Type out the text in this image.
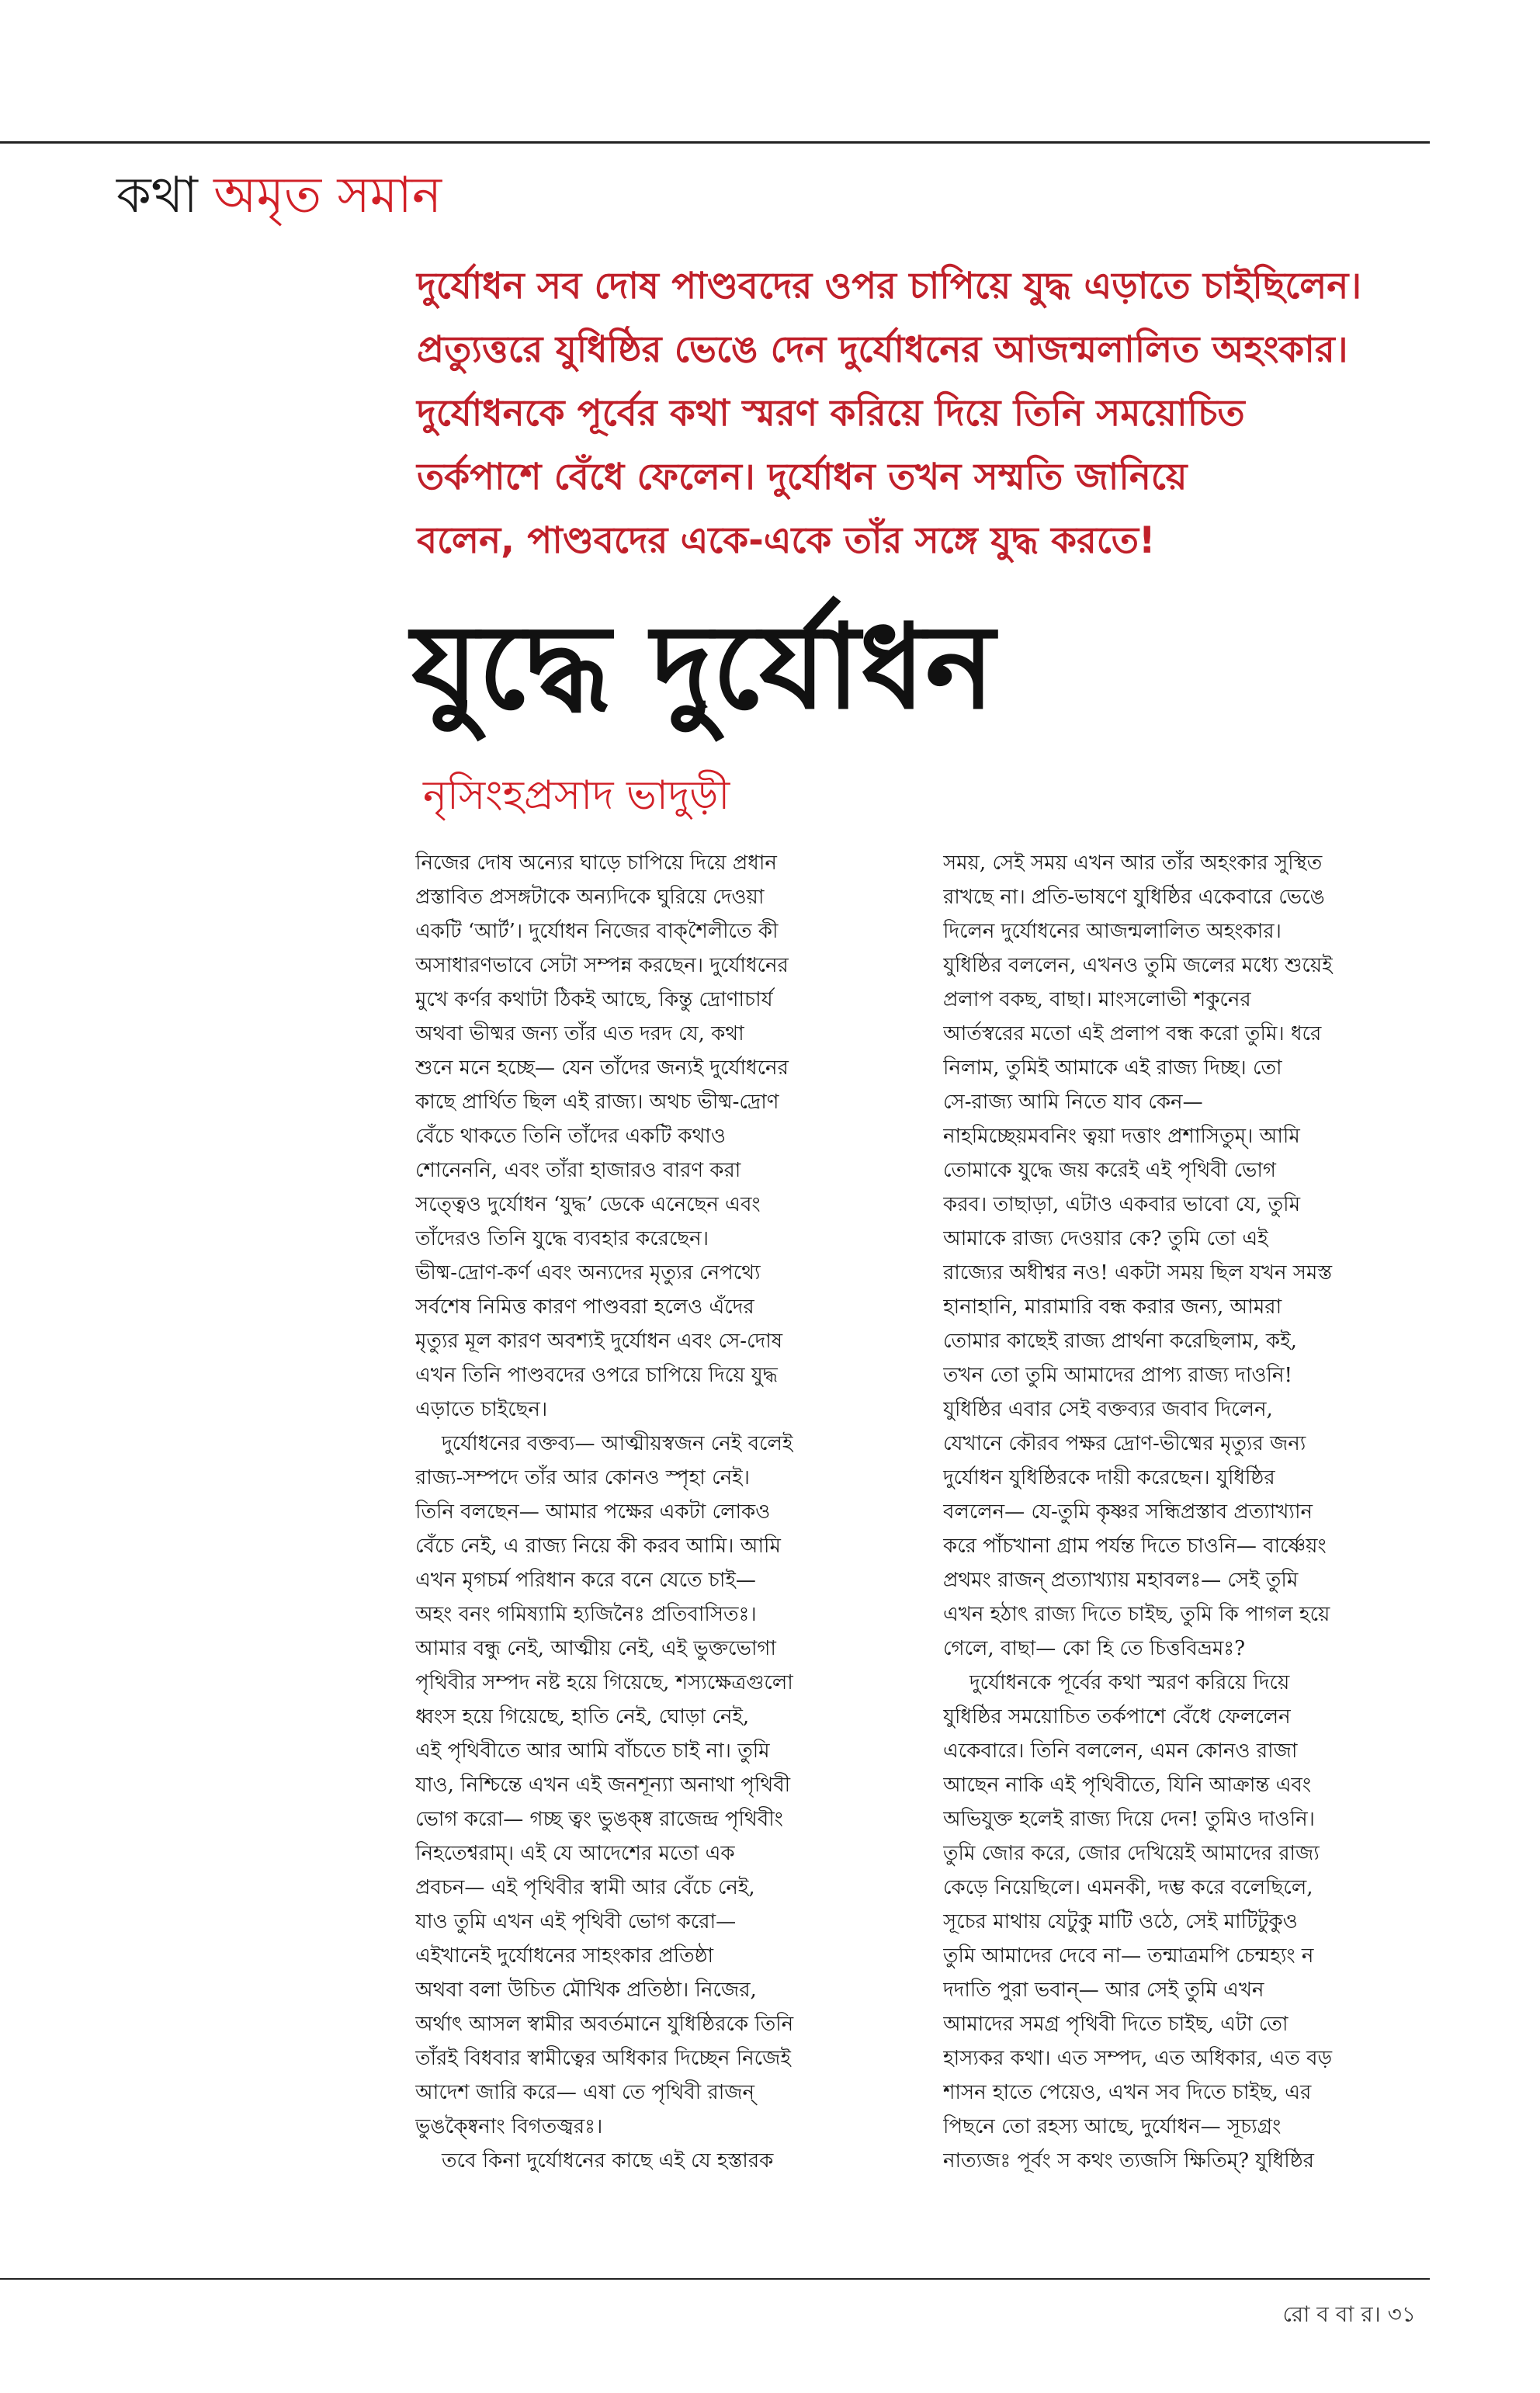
কথা অমৃত সমান
দুর্যোধন সব দোষ পাণ্ডবদের ওপর চাপিয়ে যুদ্ধ এড়াতে চাইছিলেন।
প্রত্যুত্তরে যুধিষ্ঠির ভেঙে দেন দুর্যোধনের আজন্মলালিত অহংকার।
দুর্যোধনকে পূর্বের কথা স্মরণ করিয়ে দিয়ে তিনি সময়োচিত
তর্কপাশে বেঁধে ফেলেন। দুর্যোধন তখন সম্মতি জানিয়ে
বলেন, পাণ্ডবদের একে-একে তাঁর সঙ্গে যুদ্ধ করতে!
যুদ্ধে দুর্যোধন
নৃসিংহপ্রসাদ ভাদুড়ী

নিজের দোষ অন্যের ঘাড়ে চাপিয়ে দিয়ে প্রধান

প্রস্তাবিত প্রসঙ্গটাকে অন্যদিকে ঘুরিয়ে দেওয়া

একটি ‘আর্ট’। দুর্যোধন নিজের বাক্‌শৈলীতে কী

অসাধারণভাবে সেটা সম্পন্ন করছেন। দুর্যোধনের

মুখে কর্ণর কথাটা ঠিকই আছে, কিন্তু দ্রোণাচার্য

অথবা ভীষ্মর জন্য তাঁর এত দরদ যে, কথা

শুনে মনে হচ্ছে— যেন তাঁদের জন্যই দুর্যোধনের

কাছে প্রার্থিত ছিল এই রাজ্য। অথচ ভীষ্ম-দ্রোণ

বেঁচে থাকতে তিনি তাঁদের একটি কথাও

শোনেননি, এবং তাঁরা হাজারও বারণ করা

সত্ত্বেও দুর্যোধন ‘যুদ্ধ’ ডেকে এনেছেন এবং

তাঁদেরও তিনি যুদ্ধে ব্যবহার করেছেন।

ভীষ্ম-দ্রোণ-কর্ণ এবং অন্যদের মৃত্যুর নেপথ্যে

সর্বশেষ নিমিত্ত কারণ পাণ্ডবরা হলেও এঁদের

মৃত্যুর মূল কারণ অবশ্যই দুর্যোধন এবং সে-দোষ

এখন তিনি পাণ্ডবদের ওপরে চাপিয়ে দিয়ে যুদ্ধ

এড়াতে চাইছেন।

দুর্যোধনের বক্তব্য— আত্মীয়স্বজন নেই বলেই

রাজ্য-সম্পদে তাঁর আর কোনও স্পৃহা নেই।

তিনি বলছেন— আমার পক্ষের একটা লোকও

বেঁচে নেই, এ রাজ্য নিয়ে কী করব আমি। আমি

এখন মৃগচর্ম পরিধান করে বনে যেতে চাই—

অহং বনং গমিষ্যামি হ্যজিনৈঃ প্রতিবাসিতঃ।

আমার বন্ধু নেই, আত্মীয় নেই, এই ভুক্তভোগা

পৃথিবীর সম্পদ নষ্ট হয়ে গিয়েছে, শস্যক্ষেত্রগুলো

ধ্বংস হয়ে গিয়েছে, হাতি নেই, ঘোড়া নেই,

এই পৃথিবীতে আর আমি বাঁচতে চাই না। তুমি

যাও, নিশ্চিন্তে এখন এই জনশূন্যা অনাথা পৃথিবী

ভোগ করো— গচ্ছ ত্বং ভুঙক্ষ্ব রাজেন্দ্র পৃথিবীং

নিহতেশ্বরাম্‌। এই যে আদেশের মতো এক

প্রবচন— এই পৃথিবীর স্বামী আর বেঁচে নেই,

যাও তুমি এখন এই পৃথিবী ভোগ করো—

এইখানেই দুর্যোধনের সাহংকার প্রতিষ্ঠা

অথবা বলা উচিত মৌখিক প্রতিষ্ঠা। নিজের,

অর্থাৎ আসল স্বামীর অবর্তমানে যুধিষ্ঠিরকে তিনি

তাঁরই বিধবার স্বামীত্বের অধিকার দিচ্ছেন নিজেই

আদেশ জারি করে— এষা তে পৃথিবী রাজন্‌

ভুঙক্ষ্বৈনাং বিগতজ্বরঃ।

তবে কিনা দুর্যোধনের কাছে এই যে হস্তারক

সময়, সেই সময় এখন আর তাঁর অহংকার সুস্থিত

রাখছে না। প্রতি-ভাষণে যুধিষ্ঠির একেবারে ভেঙে

দিলেন দুর্যোধনের আজন্মলালিত অহংকার।

যুধিষ্ঠির বললেন, এখনও তুমি জলের মধ্যে শুয়েই

প্রলাপ বকছ, বাছা। মাংসলোভী শকুনের

আর্তস্বরের মতো এই প্রলাপ বন্ধ করো তুমি। ধরে

নিলাম, তুমিই আমাকে এই রাজ্য দিচ্ছ। তো

সে-রাজ্য আমি নিতে যাব কেন—

নাহমিচ্ছেয়মবনিং ত্বয়া দত্তাং প্রশাসিতুম্‌। আমি

তোমাকে যুদ্ধে জয় করেই এই পৃথিবী ভোগ

করব। তাছাড়া, এটাও একবার ভাবো যে, তুমি

আমাকে রাজ্য দেওয়ার কে? তুমি তো এই

রাজ্যের অধীশ্বর নও! একটা সময় ছিল যখন সমস্ত

হানাহানি, মারামারি বন্ধ করার জন্য, আমরা

তোমার কাছেই রাজ্য প্রার্থনা করেছিলাম, কই,

তখন তো তুমি আমাদের প্রাপ্য রাজ্য দাওনি!

যুধিষ্ঠির এবার সেই বক্তব্যর জবাব দিলেন,

যেখানে কৌরব পক্ষর দ্রোণ-ভীষ্মের মৃত্যুর জন্য

দুর্যোধন যুধিষ্ঠিরকে দায়ী করেছেন। যুধিষ্ঠির

বললেন— যে-তুমি কৃষ্ণর সন্ধিপ্রস্তাব প্রত্যাখ্যান

করে পাঁচখানা গ্রাম পর্যন্ত দিতে চাওনি— বার্ষ্ণেয়ং

প্রথমং রাজন্‌ প্রত্যাখ্যায় মহাবলঃ— সেই তুমি

এখন হঠাৎ রাজ্য দিতে চাইছ, তুমি কি পাগল হয়ে

গেলে, বাছা— কো হি তে চিত্তবিভ্রমঃ?

দুর্যোধনকে পূর্বের কথা স্মরণ করিয়ে দিয়ে

যুধিষ্ঠির সময়োচিত তর্কপাশে বেঁধে ফেললেন

একেবারে। তিনি বললেন, এমন কোনও রাজা

আছেন নাকি এই পৃথিবীতে, যিনি আক্রান্ত এবং

অভিযুক্ত হলেই রাজ্য দিয়ে দেন! তুমিও দাওনি।

তুমি জোর করে, জোর দেখিয়েই আমাদের রাজ্য

কেড়ে নিয়েছিলে। এমনকী, দম্ভ করে বলেছিলে,

সূচের মাথায় যেটুকু মাটি ওঠে, সেই মাটিটুকুও

তুমি আমাদের দেবে না— তন্মাত্রমপি চেন্মহ্যং ন

দদাতি পুরা ভবান্‌— আর সেই তুমি এখন

আমাদের সমগ্র পৃথিবী দিতে চাইছ, এটা তো

হাস্যকর কথা। এত সম্পদ, এত অধিকার, এত বড়

শাসন হাতে পেয়েও, এখন সব দিতে চাইছ, এর

পিছনে তো রহস্য আছে, দুর্যোধন— সূচ্যগ্রং

নাত্যজঃ পূর্বং স কথং ত্যজসি ক্ষিতিম্‌? যুধিষ্ঠির

রো ব বা র। ৩১
